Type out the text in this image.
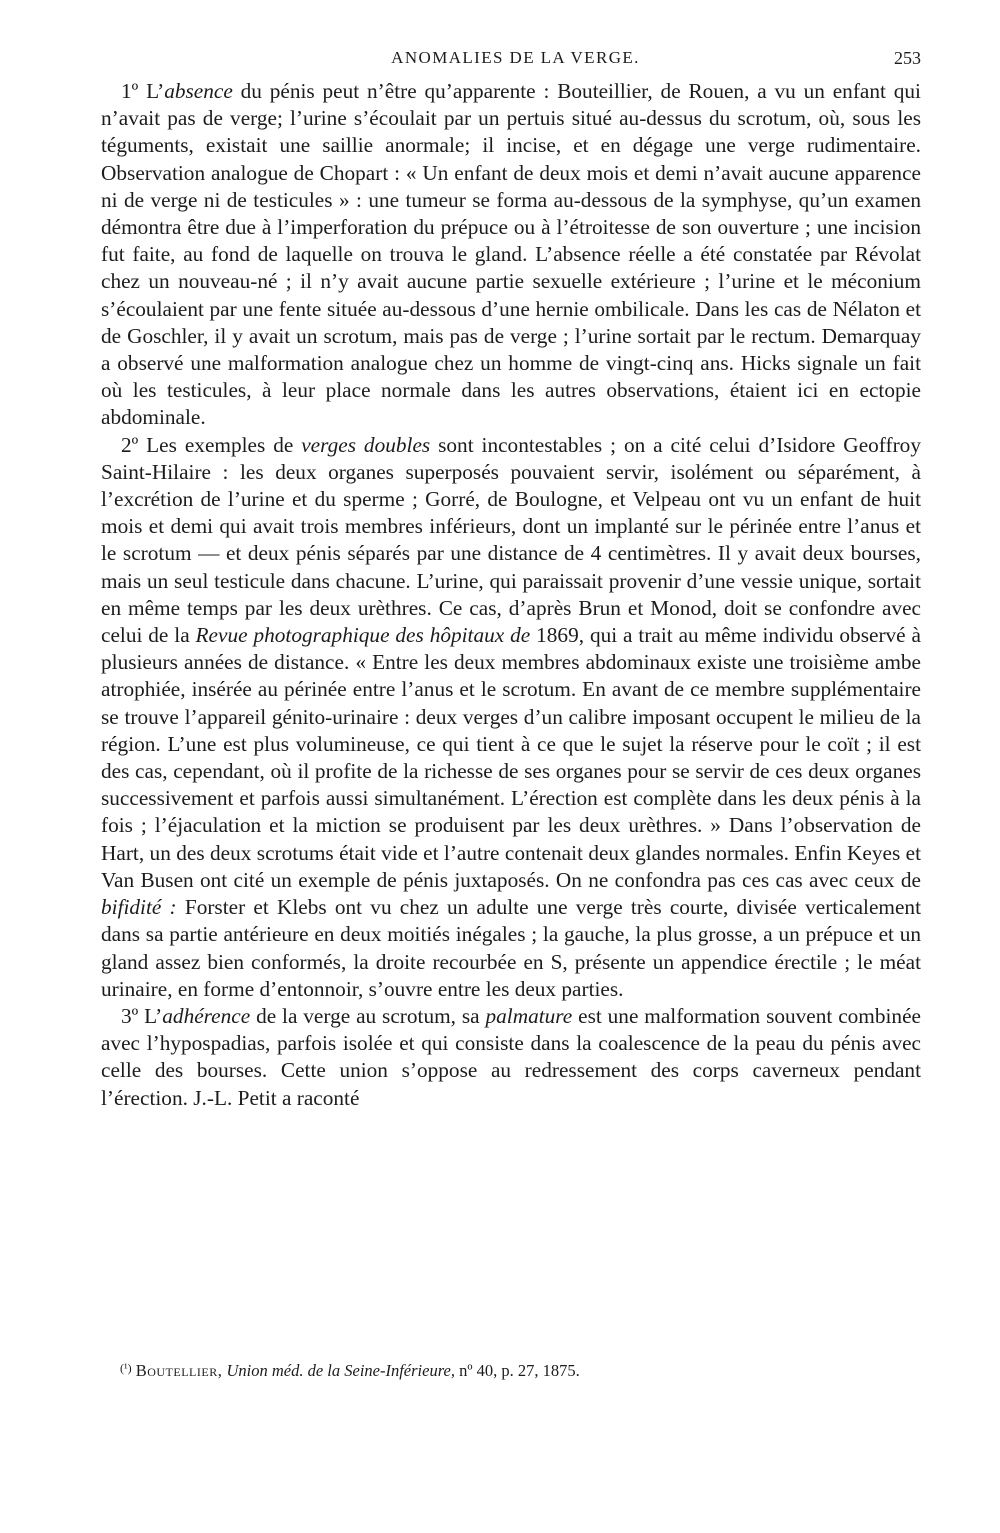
ANOMALIES DE LA VERGE.	253

1º L’absence du pénis peut n’être qu’apparente : Bouteillier, de Rouen, a vu un enfant qui n’avait pas de verge; l’urine s’écoulait par un pertuis situé au-dessus du scrotum, où, sous les téguments, existait une saillie anormale; il incise, et en dégage une verge rudimentaire. Observation analogue de Chopart : « Un enfant de deux mois et demi n’avait aucune apparence ni de verge ni de testicules » : une tumeur se forma au-dessous de la symphyse, qu’un examen démontra être due à l’imperforation du prépuce ou à l’étroitesse de son ouverture ; une incision fut faite, au fond de laquelle on trouva le gland. L’absence réelle a été constatée par Révolat chez un nouveau-né ; il n’y avait aucune partie sexuelle extérieure ; l’urine et le méconium s’écoulaient par une fente située au-dessous d’une hernie ombilicale. Dans les cas de Nélaton et de Goschler, il y avait un scrotum, mais pas de verge ; l’urine sortait par le rectum. Demarquay a observé une malformation analogue chez un homme de vingt-cinq ans. Hicks signale un fait où les testicules, à leur place normale dans les autres observations, étaient ici en ectopie abdominale.

2º Les exemples de verges doubles sont incontestables ; on a cité celui d’Isidore Geoffroy Saint-Hilaire : les deux organes superposés pouvaient servir, isolément ou séparément, à l’excrétion de l’urine et du sperme ; Gorré, de Boulogne, et Velpeau ont vu un enfant de huit mois et demi qui avait trois membres inférieurs, dont un implanté sur le périnée entre l’anus et le scrotum — et deux pénis séparés par une distance de 4 centimètres. Il y avait deux bourses, mais un seul testicule dans chacune. L’urine, qui paraissait provenir d’une vessie unique, sortait en même temps par les deux urèthres. Ce cas, d’après Brun et Monod, doit se confondre avec celui de la Revue photographique des hôpitaux de 1869, qui a trait au même individu observé à plusieurs années de distance. « Entre les deux membres abdominaux existe une troisième ambe atrophiée, insérée au périnée entre l’anus et le scrotum. En avant de ce membre supplémentaire se trouve l’appareil génito-urinaire : deux verges d’un calibre imposant occupent le milieu de la région. L’une est plus volumineuse, ce qui tient à ce que le sujet la réserve pour le coït ; il est des cas, cependant, où il profite de la richesse de ses organes pour se servir de ces deux organes successivement et parfois aussi simultanément. L’érection est complète dans les deux pénis à la fois ; l’éjaculation et la miction se produisent par les deux urèthres. » Dans l’observation de Hart, un des deux scrotums était vide et l’autre contenait deux glandes normales. Enfin Keyes et Van Busen ont cité un exemple de pénis juxtaposés. On ne confondra pas ces cas avec ceux de bifidité : Forster et Klebs ont vu chez un adulte une verge très courte, divisée verticalement dans sa partie antérieure en deux moitiés inégales ; la gauche, la plus grosse, a un prépuce et un gland assez bien conformés, la droite recourbée en S, présente un appendice érectile ; le méat urinaire, en forme d’entonnoir, s’ouvre entre les deux parties.

3º L’adhérence de la verge au scrotum, sa palmature est une malformation souvent combinée avec l’hypospadias, parfois isolée et qui consiste dans la coalescence de la peau du pénis avec celle des bourses. Cette union s’oppose au redressement des corps caverneux pendant l’érection. J.-L. Petit a raconté

$^{(^1)}$ Boutellier, Union méd. de la Seine-Inférieure, nº 40, p. 27, 1875.
